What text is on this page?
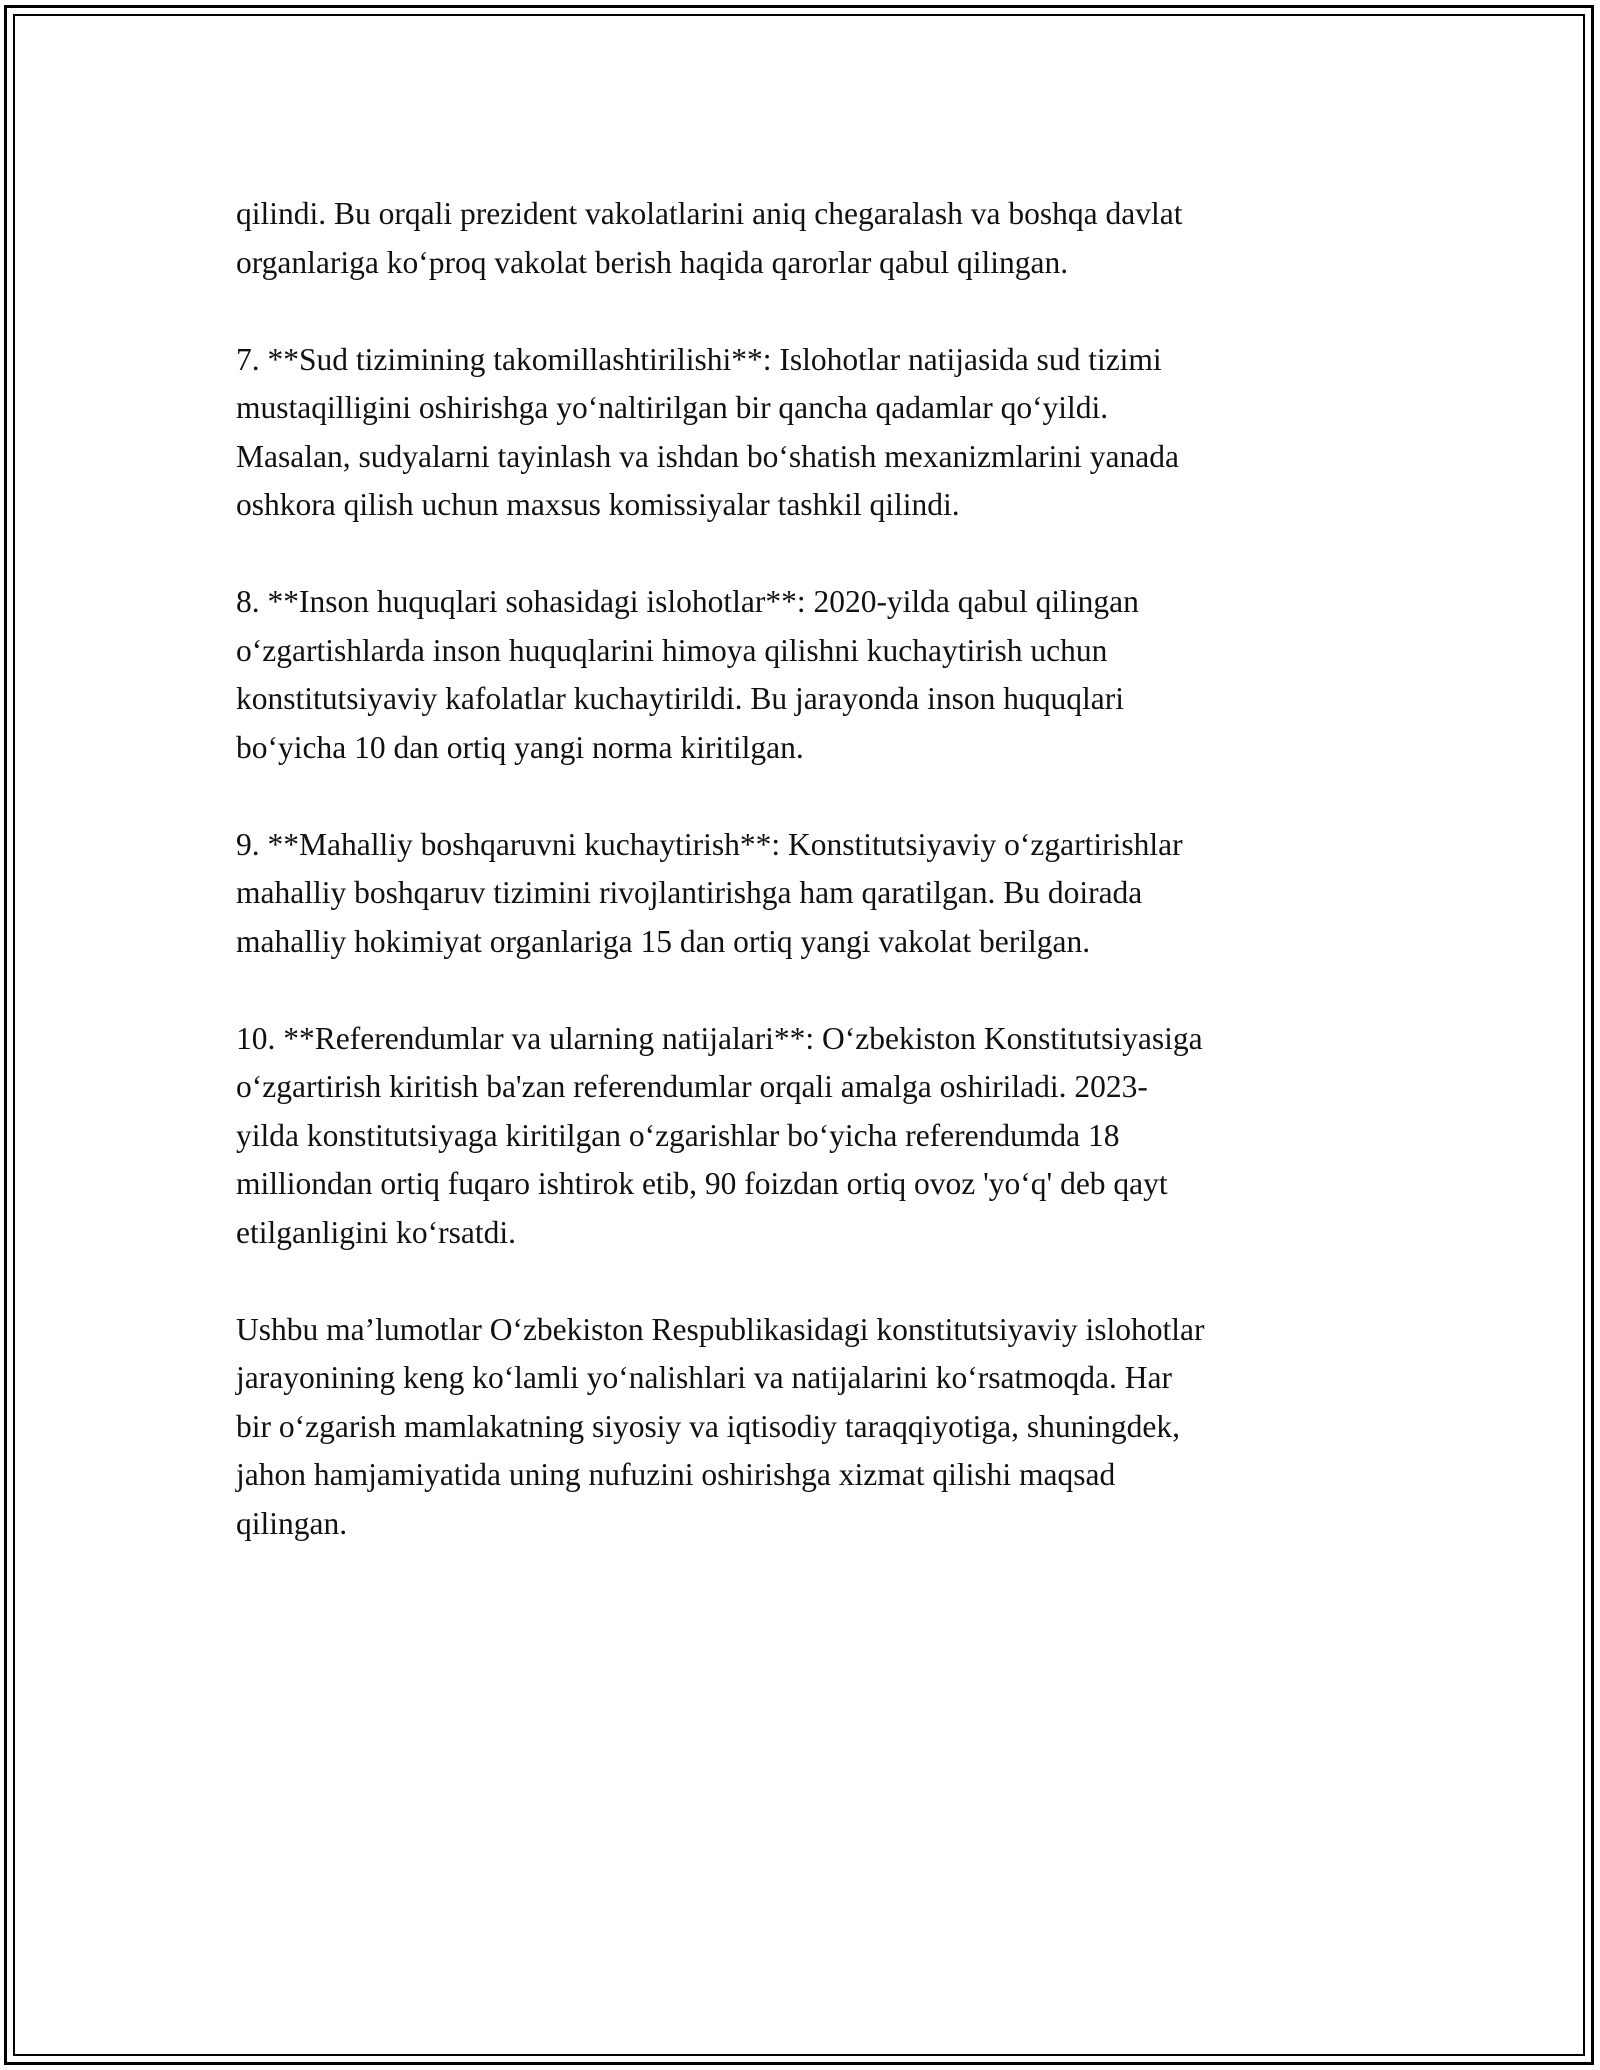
qilindi. Bu orqali prezident vakolatlarini aniq chegaralash va boshqa davlat
organlariga ko‘proq vakolat berish haqida qarorlar qabul qilingan.

7. **Sud tizimining takomillashtirilishi**: Islohotlar natijasida sud tizimi
mustaqilligini oshirishga yo‘naltirilgan bir qancha qadamlar qo‘yildi.
Masalan, sudyalarni tayinlash va ishdan bo‘shatish mexanizmlarini yanada
oshkora qilish uchun maxsus komissiyalar tashkil qilindi.

8. **Inson huquqlari sohasidagi islohotlar**: 2020-yilda qabul qilingan
o‘zgartishlarda inson huquqlarini himoya qilishni kuchaytirish uchun
konstitutsiyaviy kafolatlar kuchaytirildi. Bu jarayonda inson huquqlari
bo‘yicha 10 dan ortiq yangi norma kiritilgan.

9. **Mahalliy boshqaruvni kuchaytirish**: Konstitutsiyaviy o‘zgartirishlar
mahalliy boshqaruv tizimini rivojlantirishga ham qaratilgan. Bu doirada
mahalliy hokimiyat organlariga 15 dan ortiq yangi vakolat berilgan.

10. **Referendumlar va ularning natijalari**: O‘zbekiston Konstitutsiyasiga
o‘zgartirish kiritish ba'zan referendumlar orqali amalga oshiriladi. 2023-
yilda konstitutsiyaga kiritilgan o‘zgarishlar bo‘yicha referendumda 18
milliondan ortiq fuqaro ishtirok etib, 90 foizdan ortiq ovoz 'yo‘q' deb qayt
etilganligini ko‘rsatdi.

Ushbu ma’lumotlar O‘zbekiston Respublikasidagi konstitutsiyaviy islohotlar
jarayonining keng ko‘lamli yo‘nalishlari va natijalarini ko‘rsatmoqda. Har
bir o‘zgarish mamlakatning siyosiy va iqtisodiy taraqqiyotiga, shuningdek,
jahon hamjamiyatida uning nufuzini oshirishga xizmat qilishi maqsad
qilingan.
